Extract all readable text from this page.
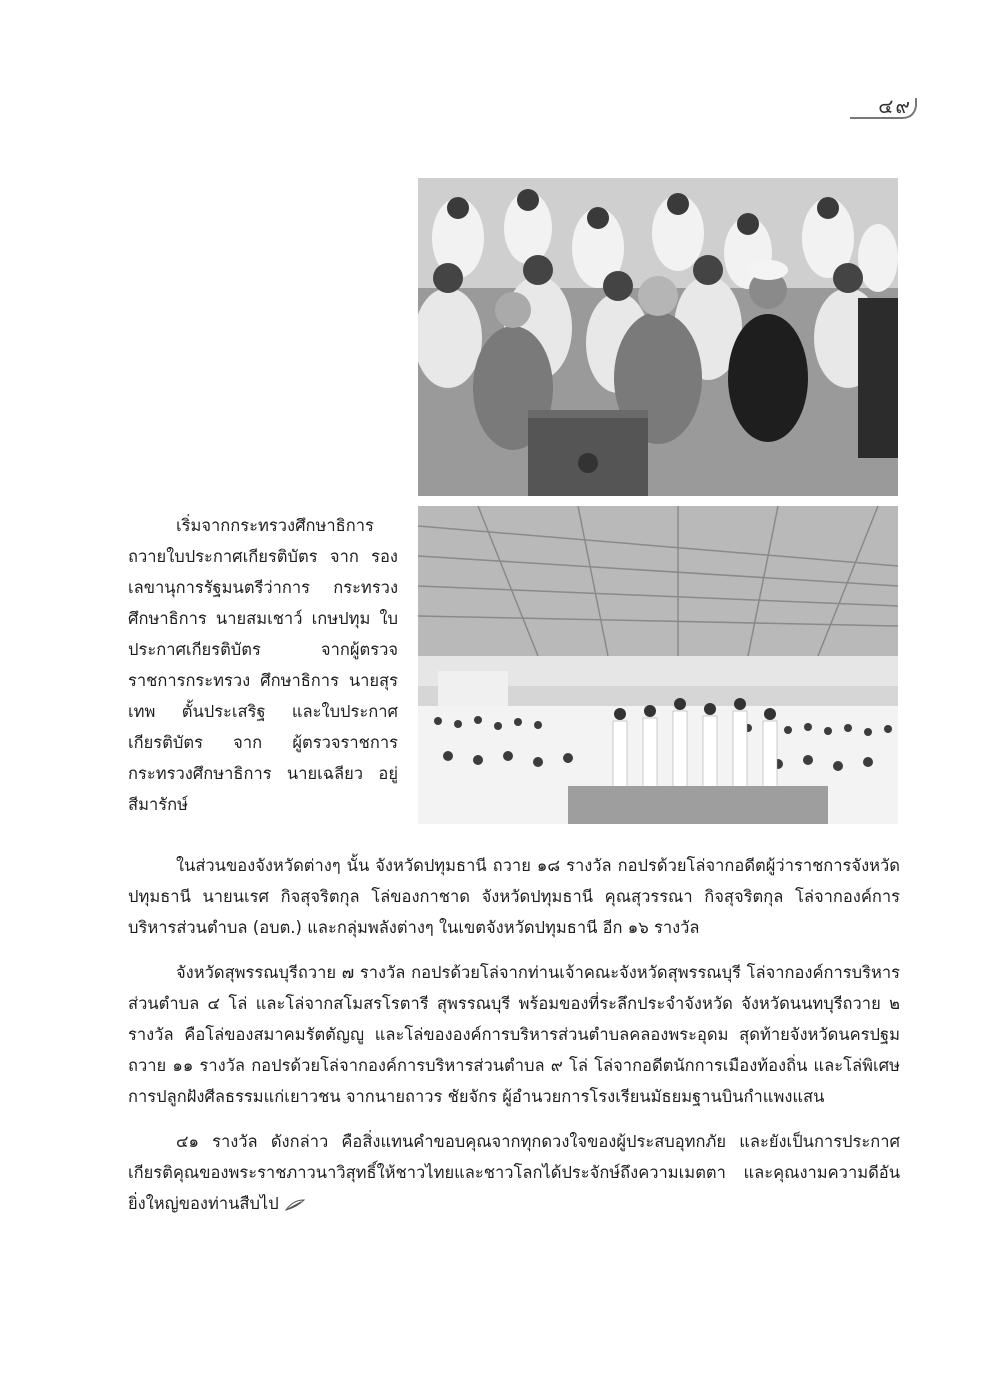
๔๙

เริ่มจากกระทรวงศึกษาธิการ ถวายใบประกาศเกียรติบัตร จาก รองเลขานุการรัฐมนตรีว่าการ กระทรวงศึกษาธิการ นายสมเชาว์ เกษปทุม ใบประกาศเกียรติบัตร จากผู้ตรวจราชการกระทรวง ศึกษาธิการ นายสุรเทพ ตั้นประเสริฐ และใบประกาศเกียรติบัตร จาก ผู้ตรวจราชการกระทรวงศึกษาธิการ นายเฉลียว อยู่สีมารักษ์

ในส่วนของจังหวัดต่างๆ นั้น จังหวัดปทุมธานี ถวาย ๑๘ รางวัล กอปรด้วยโล่จากอดีตผู้ว่าราชการจังหวัดปทุมธานี นายนเรศ กิจสุจริตกุล โล่ของกาชาด จังหวัดปทุมธานี คุณสุวรรณา กิจสุจริตกุล โล่จากองค์การบริหารส่วนตำบล (อบต.) และกลุ่มพลังต่างๆ ในเขตจังหวัดปทุมธานี อีก ๑๖ รางวัล

จังหวัดสุพรรณบุรีถวาย ๗ รางวัล กอปรด้วยโล่จากท่านเจ้าคณะจังหวัดสุพรรณบุรี โล่จากองค์การบริหารส่วนตำบล ๔ โล่ และโล่จากสโมสรโรตารี สุพรรณบุรี พร้อมของที่ระลึกประจำจังหวัด จังหวัดนนทบุรีถวาย ๒ รางวัล คือโล่ของสมาคมรัตตัญญู และโล่ขององค์การบริหารส่วนตำบลคลองพระอุดม สุดท้ายจังหวัดนครปฐมถวาย ๑๑ รางวัล กอปรด้วยโล่จากองค์การบริหารส่วนตำบล ๙ โล่ โล่จากอดีตนักการเมืองท้องถิ่น และโล่พิเศษการปลูกฝังศีลธรรมแก่เยาวชน จากนายถาวร ชัยจักร ผู้อำนวยการโรงเรียนมัธยมฐานบินกำแพงแสน

๔๑ รางวัล ดังกล่าว คือสิ่งแทนคำขอบคุณจากทุกดวงใจของผู้ประสบอุทกภัย และยังเป็นการประกาศเกียรติคุณของพระราชภาวนาวิสุทธิ์ให้ชาวไทยและชาวโลกได้ประจักษ์ถึงความเมตตา และคุณงามความดีอันยิ่งใหญ่ของท่านสืบไป
